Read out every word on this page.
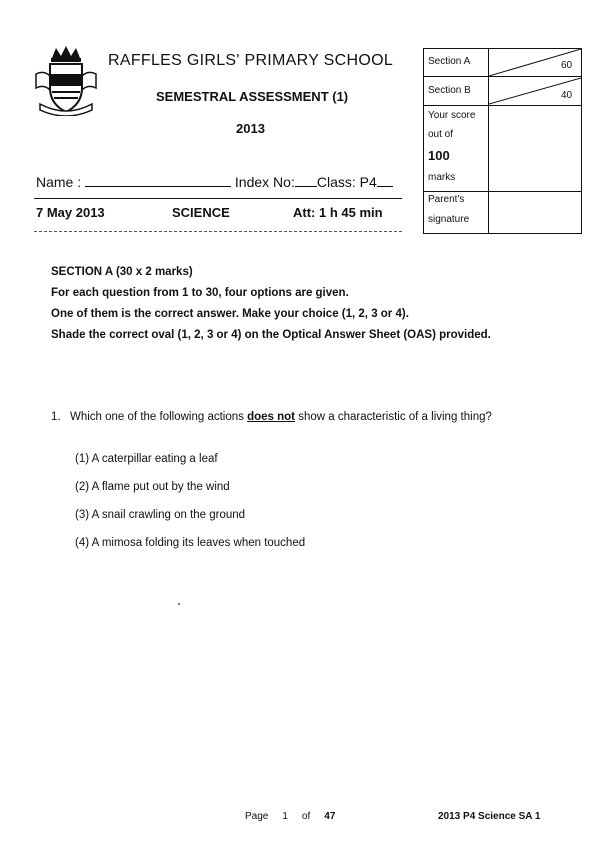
RAFFLES GIRLS' PRIMARY SCHOOL
SEMESTRAL ASSESSMENT (1)
2013
Name :	Index No: Class: P4
7 May 2013	SCIENCE	Att: 1 h 45 min
Section A	60
Section B	40
Your score
out of
100
marks
Parent's
signature
SECTION A (30 x 2 marks)
For each question from 1 to 30, four options are given.
One of them is the correct answer. Make your choice (1, 2, 3 or 4).
Shade the correct oval (1, 2, 3 or 4) on the Optical Answer Sheet (OAS) provided.
1. Which one of the following actions does not show a characteristic of a living thing?
(1) A caterpillar eating a leaf
(2) A flame put out by the wind
(3) A snail crawling on the ground
(4) A mimosa folding its leaves when touched
Page 1 of 47	2013 P4 Science SA 1
